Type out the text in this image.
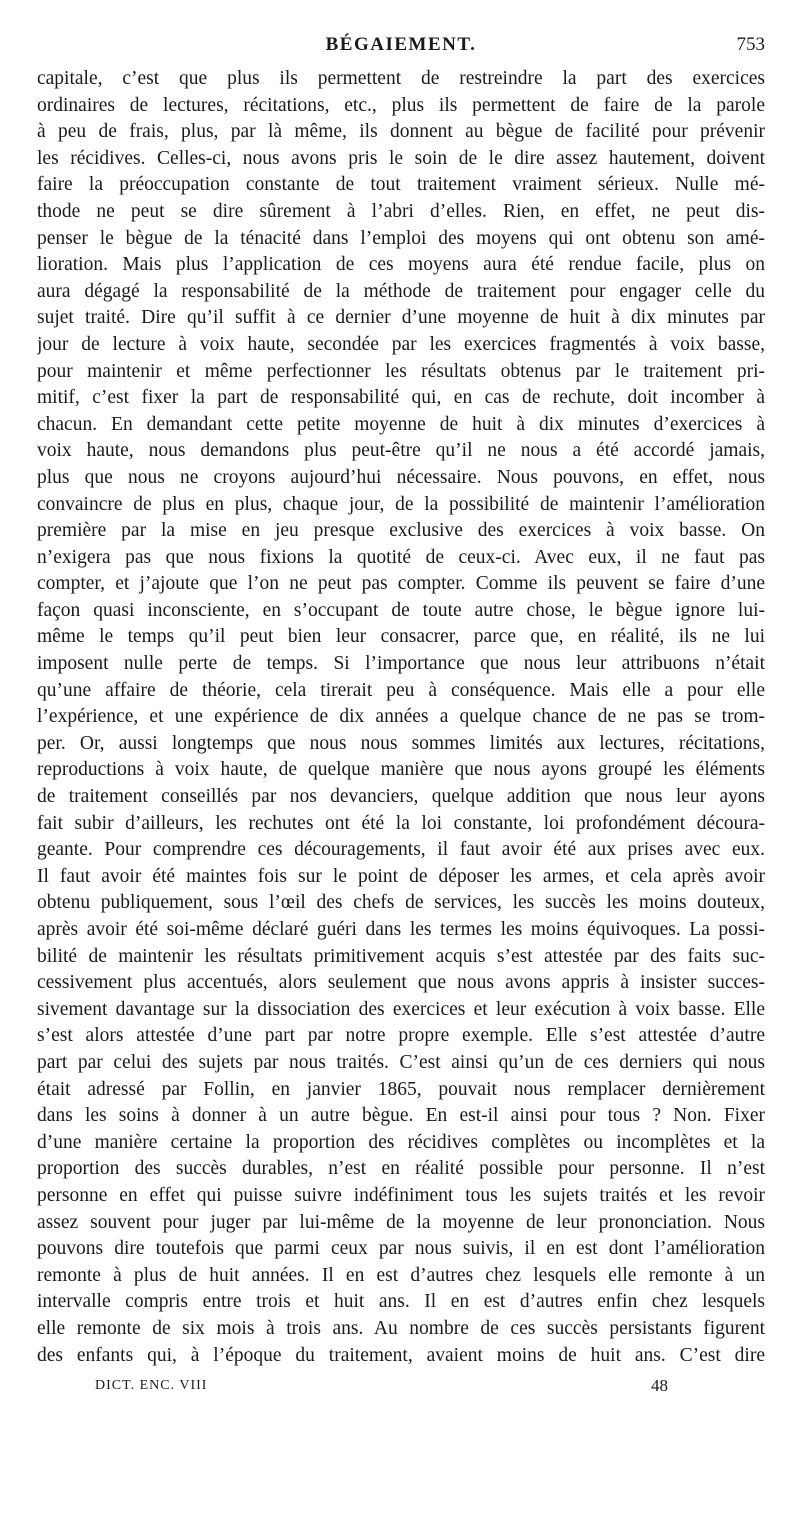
BÉGAIEMENT.	753
capitale, c’est que plus ils permettent de restreindre la part des exercices
ordinaires de lectures, récitations, etc., plus ils permettent de faire de la parole
à peu de frais, plus, par là même, ils donnent au bègue de facilité pour prévenir
les récidives. Celles-ci, nous avons pris le soin de le dire assez hautement, doivent
faire la préoccupation constante de tout traitement vraiment sérieux. Nulle mé-
thode ne peut se dire sûrement à l’abri d’elles. Rien, en effet, ne peut dis-
penser le bègue de la ténacité dans l’emploi des moyens qui ont obtenu son amé-
lioration. Mais plus l’application de ces moyens aura été rendue facile, plus on
aura dégagé la responsabilité de la méthode de traitement pour engager celle du
sujet traité. Dire qu’il suffit à ce dernier d’une moyenne de huit à dix minutes par
jour de lecture à voix haute, secondée par les exercices fragmentés à voix basse,
pour maintenir et même perfectionner les résultats obtenus par le traitement pri-
mitif, c’est fixer la part de responsabilité qui, en cas de rechute, doit incomber à
chacun. En demandant cette petite moyenne de huit à dix minutes d’exercices à
voix haute, nous demandons plus peut-être qu’il ne nous a été accordé jamais,
plus que nous ne croyons aujourd’hui nécessaire. Nous pouvons, en effet, nous
convaincre de plus en plus, chaque jour, de la possibilité de maintenir l’amélioration
première par la mise en jeu presque exclusive des exercices à voix basse. On
n’exigera pas que nous fixions la quotité de ceux-ci. Avec eux, il ne faut pas
compter, et j’ajoute que l’on ne peut pas compter. Comme ils peuvent se faire d’une
façon quasi inconsciente, en s’occupant de toute autre chose, le bègue ignore lui-
même le temps qu’il peut bien leur consacrer, parce que, en réalité, ils ne lui
imposent nulle perte de temps. Si l’importance que nous leur attribuons n’était
qu’une affaire de théorie, cela tirerait peu à conséquence. Mais elle a pour elle
l’expérience, et une expérience de dix années a quelque chance de ne pas se trom-
per. Or, aussi longtemps que nous nous sommes limités aux lectures, récitations,
reproductions à voix haute, de quelque manière que nous ayons groupé les éléments
de traitement conseillés par nos devanciers, quelque addition que nous leur ayons
fait subir d’ailleurs, les rechutes ont été la loi constante, loi profondément découra-
geante. Pour comprendre ces découragements, il faut avoir été aux prises avec eux.
Il faut avoir été maintes fois sur le point de déposer les armes, et cela après avoir
obtenu publiquement, sous l’œil des chefs de services, les succès les moins douteux,
après avoir été soi-même déclaré guéri dans les termes les moins équivoques. La possi-
bilité de maintenir les résultats primitivement acquis s’est attestée par des faits suc-
cessivement plus accentués, alors seulement que nous avons appris à insister succes-
sivement davantage sur la dissociation des exercices et leur exécution à voix basse. Elle
s’est alors attestée d’une part par notre propre exemple. Elle s’est attestée d’autre
part par celui des sujets par nous traités. C’est ainsi qu’un de ces derniers qui nous
était adressé par Follin, en janvier 1865, pouvait nous remplacer dernièrement
dans les soins à donner à un autre bègue. En est-il ainsi pour tous ? Non. Fixer
d’une manière certaine la proportion des récidives complètes ou incomplètes et la
proportion des succès durables, n’est en réalité possible pour personne. Il n’est
personne en effet qui puisse suivre indéfiniment tous les sujets traités et les revoir
assez souvent pour juger par lui-même de la moyenne de leur prononciation. Nous
pouvons dire toutefois que parmi ceux par nous suivis, il en est dont l’amélioration
remonte à plus de huit années. Il en est d’autres chez lesquels elle remonte à un
intervalle compris entre trois et huit ans. Il en est d’autres enfin chez lesquels
elle remonte de six mois à trois ans. Au nombre de ces succès persistants figurent
des enfants qui, à l’époque du traitement, avaient moins de huit ans. C’est dire
DICT. ENC. VIII	48
